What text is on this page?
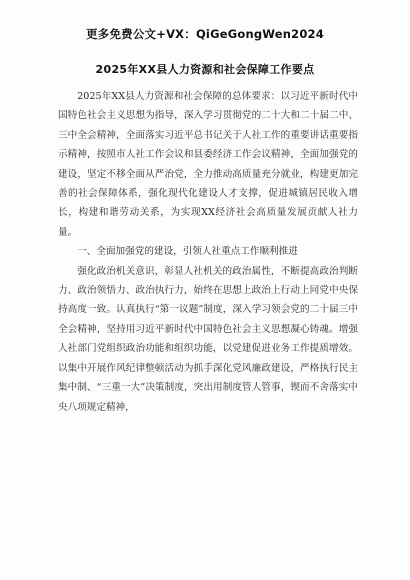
更多免费公文+VX：QiGeGongWen2024
2025年XX县人力资源和社会保障工作要点

2025年XX县人力资源和社会保障的总体要求：以习近平新时代中国特色社会主义思想为指导，深入学习贯彻党的二十大和二十届二中、三中全会精神，全面落实习近平总书记关于人社工作的重要讲话重要指示精神，按照市人社工作会议和县委经济工作会议精神，全面加强党的建设，坚定不移全面从严治党，全力推动高质量充分就业，构建更加完善的社会保障体系，强化现代化建设人才支撑，促进城镇居民收入增长，构建和谐劳动关系，为实现XX经济社会高质量发展贡献人社力量。

一、全面加强党的建设，引领人社重点工作顺利推进

强化政治机关意识，彰显人社机关的政治属性，不断提高政治判断力、政治领悟力、政治执行力，始终在思想上政治上行动上同党中央保持高度一致。认真执行“第一议题”制度，深入学习领会党的二十届三中全会精神，坚持用习近平新时代中国特色社会主义思想凝心铸魂。增强人社部门党组织政治功能和组织功能，以党建促进业务工作提质增效。以集中开展作风纪律整顿活动为抓手深化党风廉政建设，严格执行民主集中制、“三重一大”决策制度，突出用制度管人管事，锲而不舍落实中央八项规定精神，
